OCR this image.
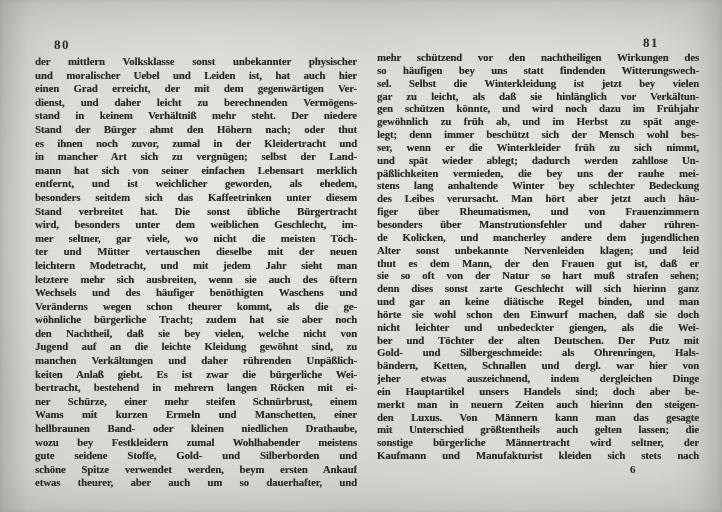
80	81
der mittlern Volksklasse sonst unbekannter physischer
und moralischer Uebel und Leiden ist, hat auch hier
einen Grad erreicht, der mit dem gegenwärtigen Ver-
dienst, und daher leicht zu berechnenden Vermögens-
stand in keinem Verhältniß mehr steht. Der niedere
Stand der Bürger ahmt den Höhern nach; oder thut
es ihnen noch zuvor, zumal in der Kleidertracht und
in mancher Art sich zu vergnügen; selbst der Land-
mann hat sich von seiner einfachen Lebensart merklich
entfernt, und ist weichlicher geworden, als ehedem,
besonders seitdem sich das Kaffeetrinken unter diesem
Stand verbreitet hat. Die sonst übliche Bürgertracht
wird, besonders unter dem weiblichen Geschlecht, im-
mer seltner, gar viele, wo nicht die meisten Töch-
ter und Mütter vertauschen dieselbe mit der neuen
leichtern Modetracht, und mit jedem Jahr sieht man
letztere mehr sich ausbreiten, wenn sie auch des öftern
Wechsels und des häufiger benöthigten Waschens und
Veränderns wegen schon theurer kommt, als die ge-
wöhnliche bürgerliche Tracht; zudem hat sie aber noch
den Nachtheil, daß sie bey vielen, welche nicht von
Jugend auf an die leichte Kleidung gewöhnt sind, zu
manchen Verkältungen und daher rührenden Unpäßlich-
keiten Anlaß giebt. Es ist zwar die bürgerliche Wei-
bertracht, bestehend in mehrern langen Röcken mit ei-
ner Schürze, einer mehr steifen Schnürbrust, einem
Wams mit kurzen Ermeln und Manschetten, einer
hellbraunen Band- oder kleinen niedlichen Drathaube,
wozu bey Festkleidern zumal Wohlhabender meistens
gute seidene Stoffe, Gold- und Silberborden und
schöne Spitze verwendet werden, beym ersten Ankauf
etwas theurer, aber auch um so dauerhafter, und
mehr schützend vor den nachtheiligen Wirkungen des
so häufigen bey uns statt findenden Witterungswech-
sel. Selbst die Winterkleidung ist jetzt bey vielen
gar zu leicht, als daß sie hinlänglich vor Verkältun-
gen schützen könnte, und wird noch dazu im Frühjahr
gewöhnlich zu früh ab, und im Herbst zu spät ange-
legt; denn immer beschützt sich der Mensch wohl bes-
ser, wenn er die Winterkleider früh zu sich nimmt,
und spät wieder ablegt; dadurch werden zahllose Un-
päßlichkeiten vermieden, die bey uns der rauhe mei-
stens lang anhaltende Winter bey schlechter Bedeckung
des Leibes verursacht. Man hört aber jetzt auch häu-
figer über Rheumatismen, und von Frauenzimmern
besonders über Manstrutionsfehler und daher rühren-
de Kolicken, und mancherley andere dem jugendlichen
Alter sonst unbekannte Nervenleiden klagen; und leid
thut es dem Mann, der den Frauen gut ist, daß er
sie so oft von der Natur so hart muß strafen sehen;
denn dises sonst zarte Geschlecht will sich hierinn ganz
und gar an keine diätische Regel binden, und man
hörte sie wohl schon den Einwurf machen, daß sie doch
nicht leichter und unbedeckter giengen, als die Wei-
ber und Töchter der alten Deutschen. Der Putz mit
Gold- und Silbergeschmeide: als Ohrenringen, Hals-
bändern, Ketten, Schnallen und dergl. war hier von
jeher etwas auszeichnend, indem dergleichen Dinge
ein Hauptartikel unsers Handels sind; doch aber be-
merkt man in neuern Zeiten auch hierinn den steigen-
den Luxus. Von Männern kann man das gesagte
mit Unterschied größtentheils auch gelten lassen; die
sonstige bürgerliche Männertracht wird seltner, der
Kaufmann und Manufakturist kleiden sich stets nach
6
